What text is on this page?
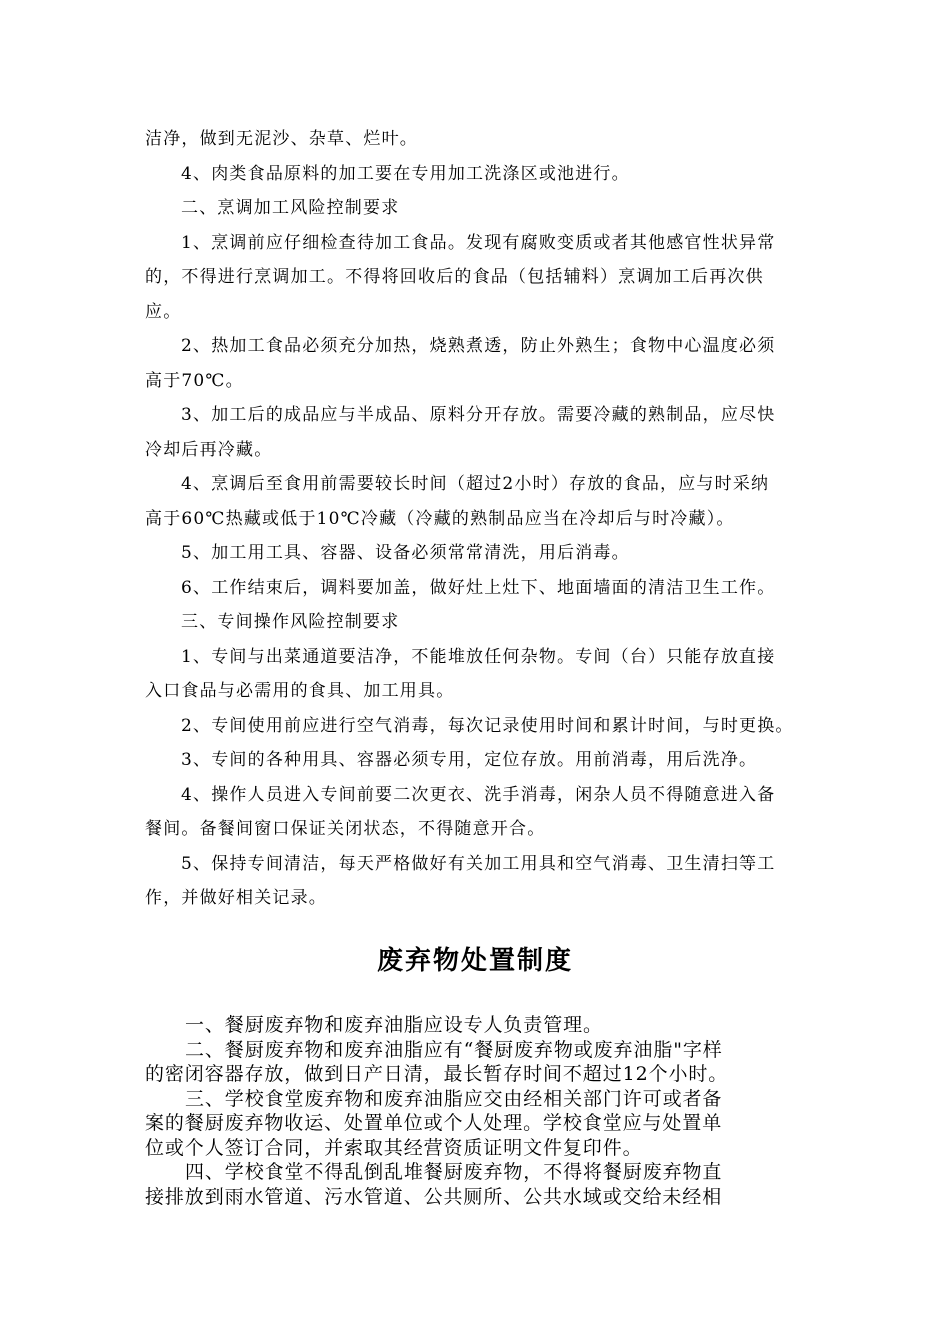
洁净，做到无泥沙、杂草、烂叶。

4、肉类食品原料的加工要在专用加工洗涤区或池进行。

二、烹调加工风险控制要求

1、烹调前应仔细检查待加工食品。发现有腐败变质或者其他感官性状异常

的，不得进行烹调加工。不得将回收后的食品（包括辅料）烹调加工后再次供

应。

2、热加工食品必须充分加热，烧熟煮透，防止外熟生；食物中心温度必须

高于70℃。

3、加工后的成品应与半成品、原料分开存放。需要冷藏的熟制品，应尽快

冷却后再冷藏。

4、烹调后至食用前需要较长时间（超过2小时）存放的食品，应与时采纳

高于60℃热藏或低于10℃冷藏（冷藏的熟制品应当在冷却后与时冷藏）。

5、加工用工具、容器、设备必须常常清洗，用后消毒。

6、工作结束后，调料要加盖，做好灶上灶下、地面墙面的清洁卫生工作。

三、专间操作风险控制要求

1、专间与出菜通道要洁净，不能堆放任何杂物。专间（台）只能存放直接

入口食品与必需用的食具、加工用具。

2、专间使用前应进行空气消毒，每次记录使用时间和累计时间，与时更换。

3、专间的各种用具、容器必须专用，定位存放。用前消毒，用后洗净。

4、操作人员进入专间前要二次更衣、洗手消毒，闲杂人员不得随意进入备

餐间。备餐间窗口保证关闭状态，不得随意开合。

5、保持专间清洁，每天严格做好有关加工用具和空气消毒、卫生清扫等工

作，并做好相关记录。

废弃物处置制度

一、餐厨废弃物和废弃油脂应设专人负责管理。

二、餐厨废弃物和废弃油脂应有“餐厨废弃物或废弃油脂"字样

的密闭容器存放，做到日产日清，最长暂存时间不超过12个小时。

三、学校食堂废弃物和废弃油脂应交由经相关部门许可或者备

案的餐厨废弃物收运、处置单位或个人处理。学校食堂应与处置单

位或个人签订合同，并索取其经营资质证明文件复印件。

四、学校食堂不得乱倒乱堆餐厨废弃物，不得将餐厨废弃物直

接排放到雨水管道、污水管道、公共厕所、公共水域或交给未经相
